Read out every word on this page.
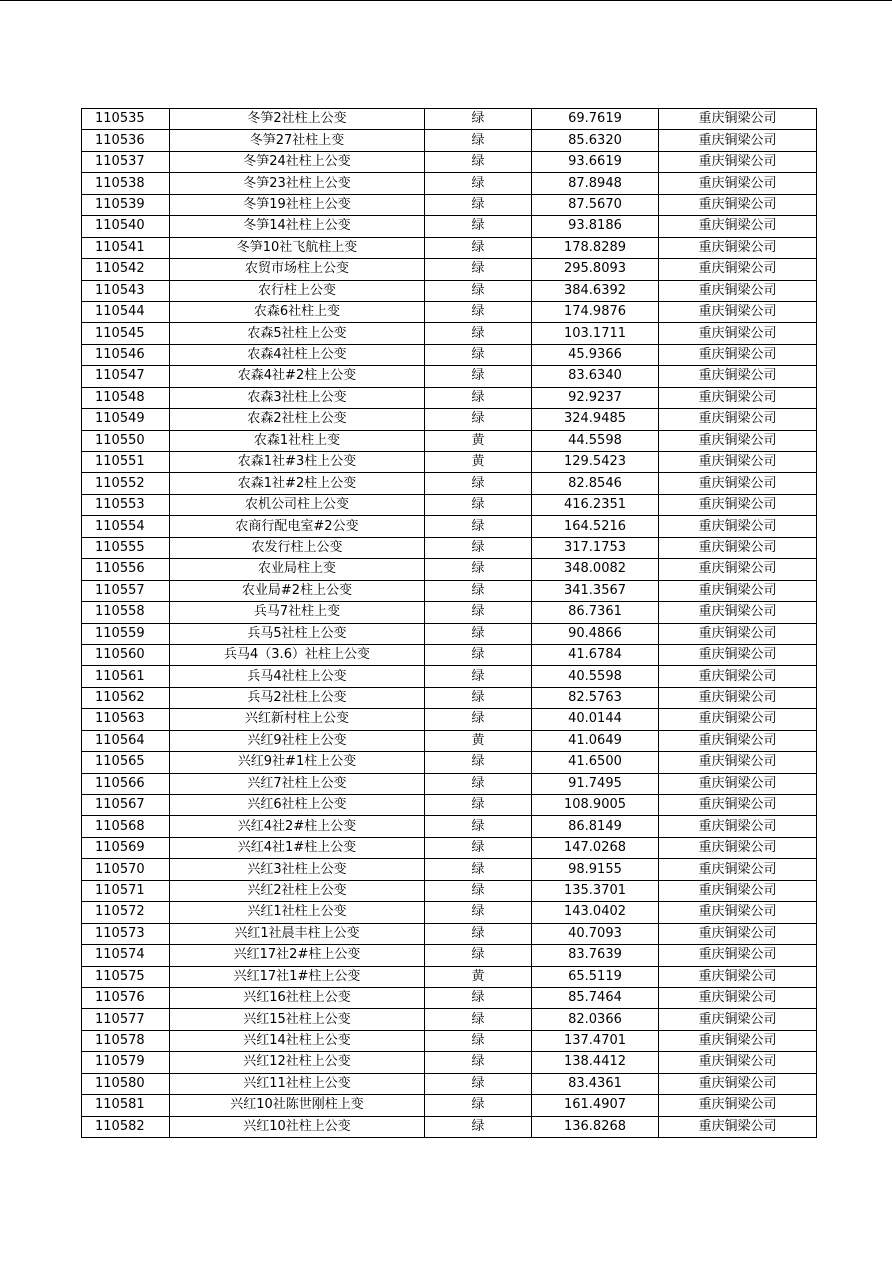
110535	冬笋2社柱上公变	绿	69.7619	重庆铜梁公司
110536	冬笋27社柱上变	绿	85.6320	重庆铜梁公司
110537	冬笋24社柱上公变	绿	93.6619	重庆铜梁公司
110538	冬笋23社柱上公变	绿	87.8948	重庆铜梁公司
110539	冬笋19社柱上公变	绿	87.5670	重庆铜梁公司
110540	冬笋14社柱上公变	绿	93.8186	重庆铜梁公司
110541	冬笋10社飞航柱上变	绿	178.8289	重庆铜梁公司
110542	农贸市场柱上公变	绿	295.8093	重庆铜梁公司
110543	农行柱上公变	绿	384.6392	重庆铜梁公司
110544	农森6社柱上变	绿	174.9876	重庆铜梁公司
110545	农森5社柱上公变	绿	103.1711	重庆铜梁公司
110546	农森4社柱上公变	绿	45.9366	重庆铜梁公司
110547	农森4社#2柱上公变	绿	83.6340	重庆铜梁公司
110548	农森3社柱上公变	绿	92.9237	重庆铜梁公司
110549	农森2社柱上公变	绿	324.9485	重庆铜梁公司
110550	农森1社柱上变	黄	44.5598	重庆铜梁公司
110551	农森1社#3柱上公变	黄	129.5423	重庆铜梁公司
110552	农森1社#2柱上公变	绿	82.8546	重庆铜梁公司
110553	农机公司柱上公变	绿	416.2351	重庆铜梁公司
110554	农商行配电室#2公变	绿	164.5216	重庆铜梁公司
110555	农发行柱上公变	绿	317.1753	重庆铜梁公司
110556	农业局柱上变	绿	348.0082	重庆铜梁公司
110557	农业局#2柱上公变	绿	341.3567	重庆铜梁公司
110558	兵马7社柱上变	绿	86.7361	重庆铜梁公司
110559	兵马5社柱上公变	绿	90.4866	重庆铜梁公司
110560	兵马4（3.6）社柱上公变	绿	41.6784	重庆铜梁公司
110561	兵马4社柱上公变	绿	40.5598	重庆铜梁公司
110562	兵马2社柱上公变	绿	82.5763	重庆铜梁公司
110563	兴红新村柱上公变	绿	40.0144	重庆铜梁公司
110564	兴红9社柱上公变	黄	41.0649	重庆铜梁公司
110565	兴红9社#1柱上公变	绿	41.6500	重庆铜梁公司
110566	兴红7社柱上公变	绿	91.7495	重庆铜梁公司
110567	兴红6社柱上公变	绿	108.9005	重庆铜梁公司
110568	兴红4社2#柱上公变	绿	86.8149	重庆铜梁公司
110569	兴红4社1#柱上公变	绿	147.0268	重庆铜梁公司
110570	兴红3社柱上公变	绿	98.9155	重庆铜梁公司
110571	兴红2社柱上公变	绿	135.3701	重庆铜梁公司
110572	兴红1社柱上公变	绿	143.0402	重庆铜梁公司
110573	兴红1社晨丰柱上公变	绿	40.7093	重庆铜梁公司
110574	兴红17社2#柱上公变	绿	83.7639	重庆铜梁公司
110575	兴红17社1#柱上公变	黄	65.5119	重庆铜梁公司
110576	兴红16社柱上公变	绿	85.7464	重庆铜梁公司
110577	兴红15社柱上公变	绿	82.0366	重庆铜梁公司
110578	兴红14社柱上公变	绿	137.4701	重庆铜梁公司
110579	兴红12社柱上公变	绿	138.4412	重庆铜梁公司
110580	兴红11社柱上公变	绿	83.4361	重庆铜梁公司
110581	兴红10社陈世刚柱上变	绿	161.4907	重庆铜梁公司
110582	兴红10社柱上公变	绿	136.8268	重庆铜梁公司
